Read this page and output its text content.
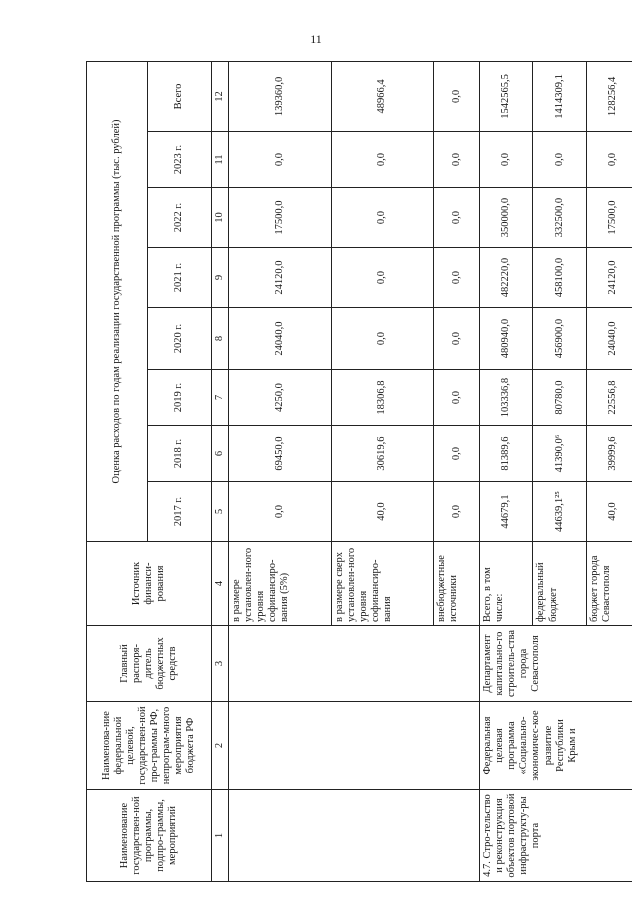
11
Наименование государствен-ной программы, подпро-граммы, мероприятий	Наименова-ние федеральной целевой, государствен-ной про-граммы РФ, непрограм-много мероприятия бюджета РФ	Главный распоря-дитель бюджетных средств	Источник финанси-рования	Оценка расходов по годам реализации государственной программы (тыс. рублей)							
				2017 г.	2018 г.	2019 г.	2020 г.	2021 г.	2022 г.	2023 г.	Всего
1	2	3	4	5	6	7	8	9	10	11	12
			в размере установлен-ного уровня софинансиро-вания (5%)	0,0	69450,0	4250,0	24040,0	24120,0	17500,0	0,0	139360,0
			в размере сверх установлен-ного уровня софинансиро-вания	40,0	30619,6	18306,8	0,0	0,0	0,0	0,0	48966,4
			внебюджетные источники	0,0	0,0	0,0	0,0	0,0	0,0	0,0	0,0
4.7. Стро-тельство и реконструкция объектов портовой инфраструкту-ры порта	Федеральная целевая программа «Социально-экономичес-кое развитие Республики Крым и	Департамент капитально-го строитель-ства города Севастополя	Всего, в том числе:	44679,1	81389,6	103336,8	480940,0	482220,0	350000,0	0,0	1542565,5
			федеральный бюджет	44639,1²⁵	41390,0⁶	80780,0	456900,0	458100,0	332500,0	0,0	1414309,1
			бюджет города Севастополя	40,0	39999,6	22556,8	24040,0	24120,0	17500,0	0,0	128256,4
